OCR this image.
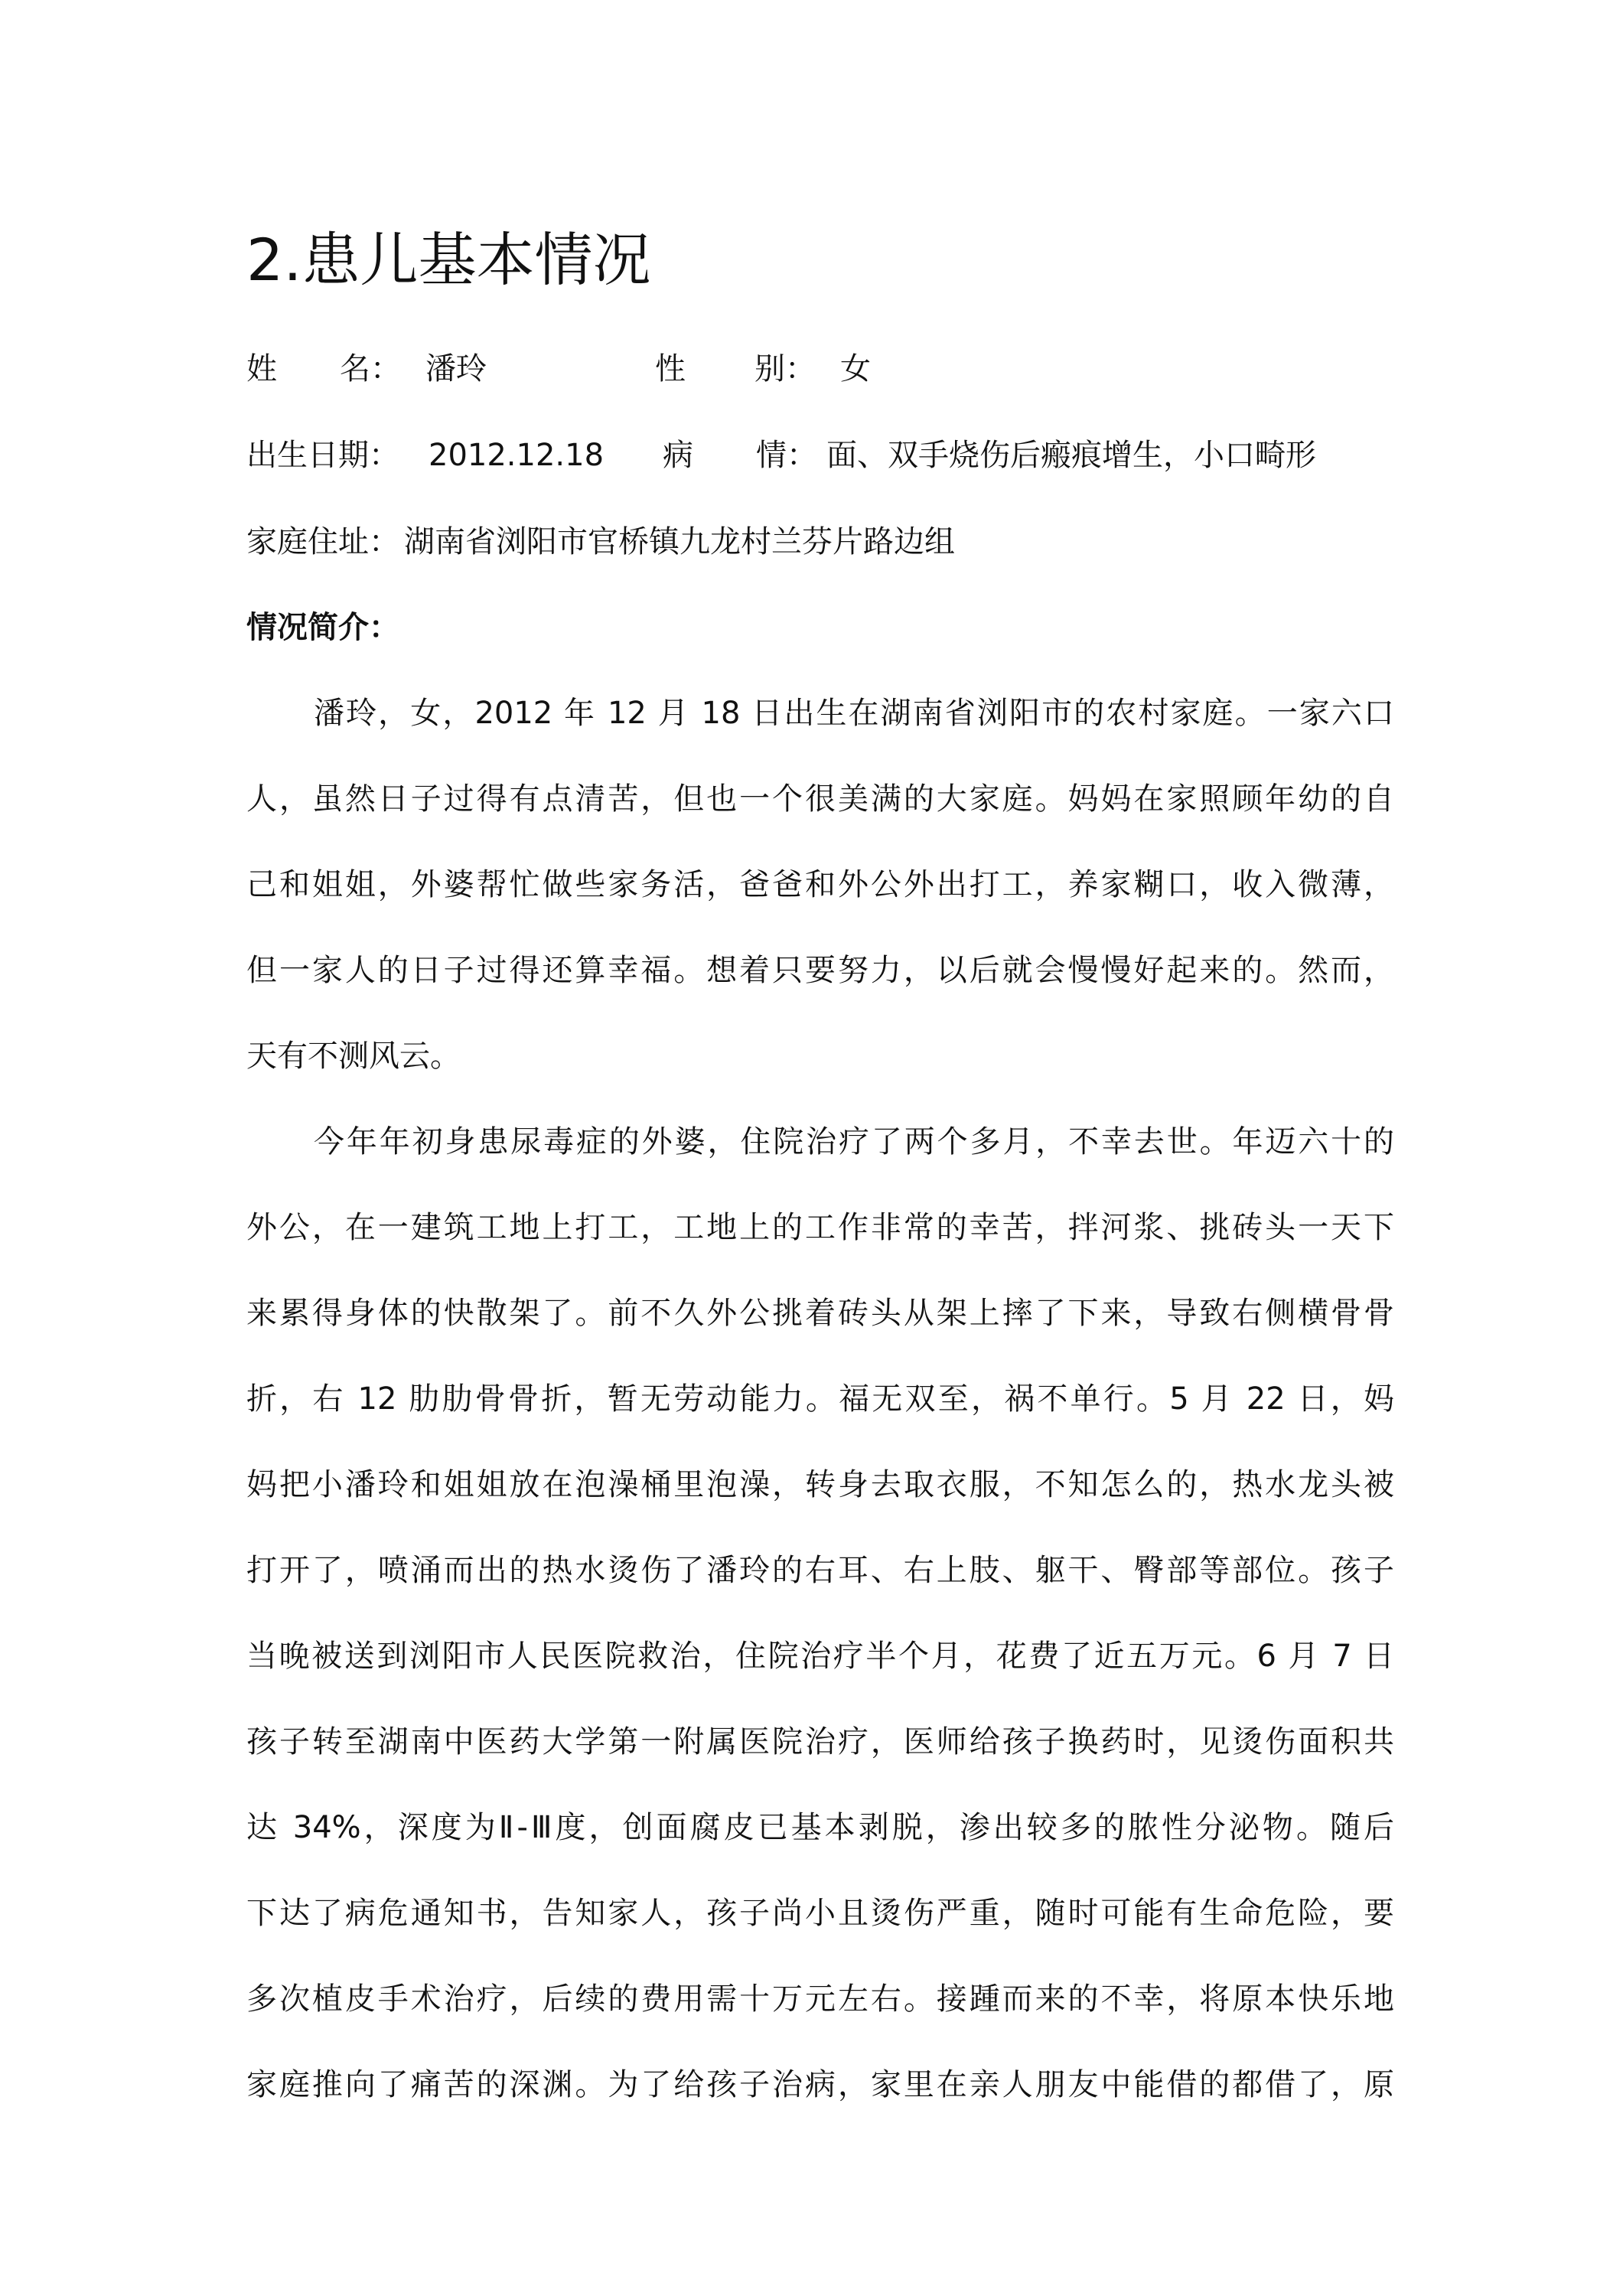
2.患儿基本情况
姓 名： 潘玲	性 别： 女
出生日期： 2012.12.18 病 情： 面、双手烧伤后瘢痕增生，小口畸形
家庭住址： 湖南省浏阳市官桥镇九龙村兰芬片路边组
情况简介：
潘玲，女，2012 年 12 月 18 日出生在湖南省浏阳市的农村家庭。一家六口
人，虽然日子过得有点清苦，但也一个很美满的大家庭。妈妈在家照顾年幼的自
己和姐姐，外婆帮忙做些家务活，爸爸和外公外出打工，养家糊口，收入微薄，
但一家人的日子过得还算幸福。想着只要努力，以后就会慢慢好起来的。然而，
天有不测风云。
今年年初身患尿毒症的外婆，住院治疗了两个多月，不幸去世。年迈六十的
外公，在一建筑工地上打工，工地上的工作非常的幸苦，拌河浆、挑砖头一天下
来累得身体的快散架了。前不久外公挑着砖头从架上摔了下来，导致右侧横骨骨
折，右 12 肋肋骨骨折，暂无劳动能力。福无双至，祸不单行。5 月 22 日，妈
妈把小潘玲和姐姐放在泡澡桶里泡澡，转身去取衣服，不知怎么的，热水龙头被
打开了，喷涌而出的热水烫伤了潘玲的右耳、右上肢、躯干、臀部等部位。孩子
当晚被送到浏阳市人民医院救治，住院治疗半个月，花费了近五万元。6 月 7 日
孩子转至湖南中医药大学第一附属医院治疗，医师给孩子换药时，见烫伤面积共
达 34%，深度为Ⅱ-Ⅲ度，创面腐皮已基本剥脱，渗出较多的脓性分泌物。随后
下达了病危通知书，告知家人，孩子尚小且烫伤严重，随时可能有生命危险，要
多次植皮手术治疗，后续的费用需十万元左右。接踵而来的不幸，将原本快乐地
家庭推向了痛苦的深渊。为了给孩子治病，家里在亲人朋友中能借的都借了，原
